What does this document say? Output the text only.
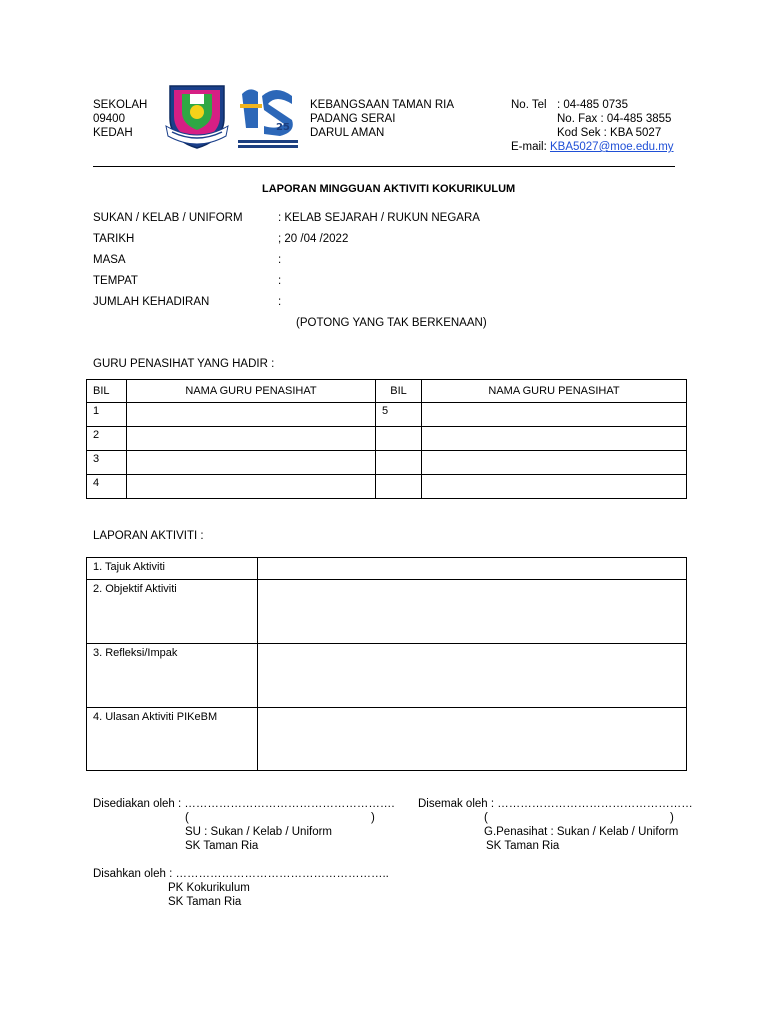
SEKOLAH
09400
KEDAH	25
KEBANGSAAN TAMAN RIA
PADANG SERAI
DARUL AMAN
No. Tel : 04-485 0735
No. Fax : 04-485 3855
Kod Sek : KBA 5027
E-mail: KBA5027@moe.edu.my
LAPORAN MINGGUAN AKTIVITI KOKURIKULUM
SUKAN / KELAB / UNIFORM	: KELAB SEJARAH / RUKUN NEGARA
TARIKH	; 20 /04 /2022
MASA	:
TEMPAT	:
JUMLAH KEHADIRAN	:
(POTONG YANG TAK BERKENAAN)
GURU PENASIHAT YANG HADIR :
BIL	NAMA GURU PENASIHAT	BIL	NAMA GURU PENASIHAT
1		5	
2			
3			
4			
LAPORAN AKTIVITI :
1. Tajuk Aktiviti	
2. Objektif Aktiviti	
3. Refleksi/Impak	
4. Ulasan Aktiviti PIKeBM	
Disediakan oleh : ……………………………………………….
(	)
SU : Sukan / Kelab / Uniform
SK Taman Ria
Disemak oleh : ……………………………………………
(	)
G.Penasihat : Sukan / Kelab / Uniform
SK Taman Ria
Disahkan oleh : ………………………………………………..
PK Kokurikulum
SK Taman Ria
